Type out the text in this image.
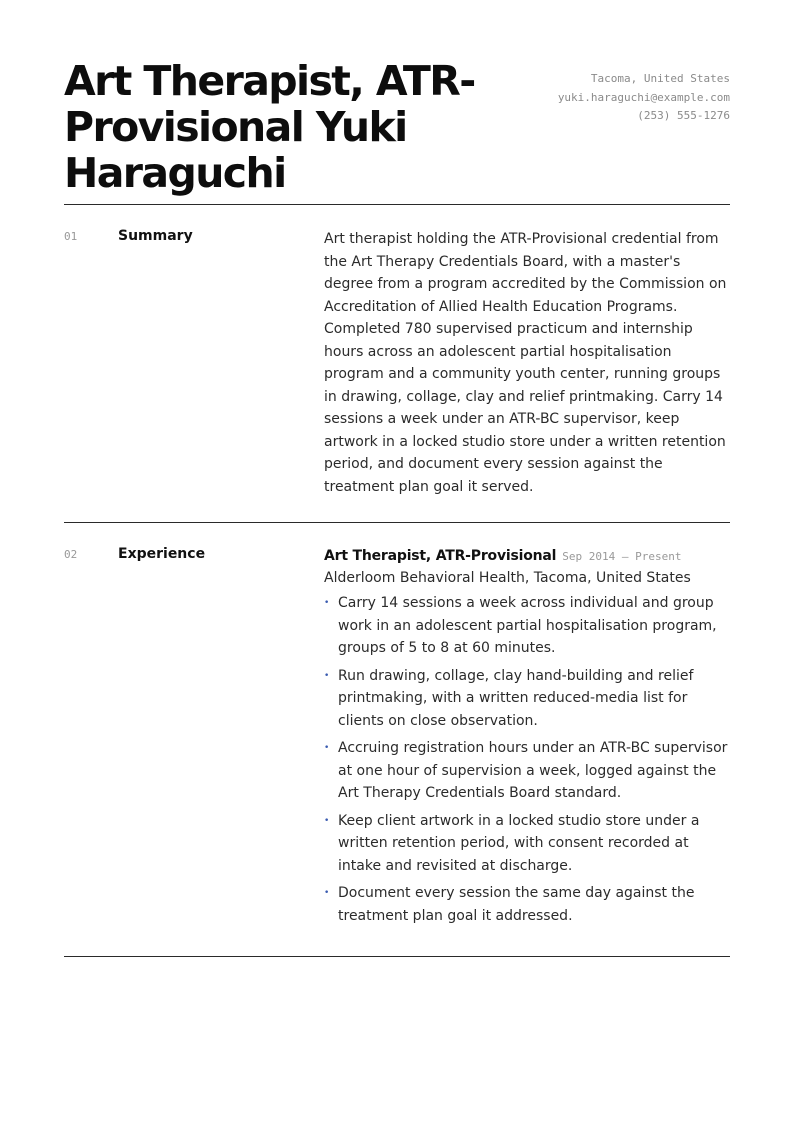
Art Therapist, ATR-Provisional Yuki Haraguchi
Tacoma, United States
yuki.haraguchi@example.com
(253) 555-1276
01	Summary	Art therapist holding the ATR-Provisional credential from the Art Therapy Credentials Board, with a master's degree from a program accredited by the Commission on Accreditation of Allied Health Education Programs. Completed 780 supervised practicum and internship hours across an adolescent partial hospitalisation program and a community youth center, running groups in drawing, collage, clay and relief printmaking. Carry 14 sessions a week under an ATR-BC supervisor, keep artwork in a locked studio store under a written retention period, and document every session against the treatment plan goal it served.

02	Experience	Art Therapist, ATR-Provisional Sep 2014 — Present
Alderloom Behavioral Health, Tacoma, United States
• Carry 14 sessions a week across individual and group work in an adolescent partial hospitalisation program, groups of 5 to 8 at 60 minutes.
• Run drawing, collage, clay hand-building and relief printmaking, with a written reduced-media list for clients on close observation.
• Accruing registration hours under an ATR-BC supervisor at one hour of supervision a week, logged against the Art Therapy Credentials Board standard.
• Keep client artwork in a locked studio store under a written retention period, with consent recorded at intake and revisited at discharge.
• Document every session the same day against the treatment plan goal it addressed.
